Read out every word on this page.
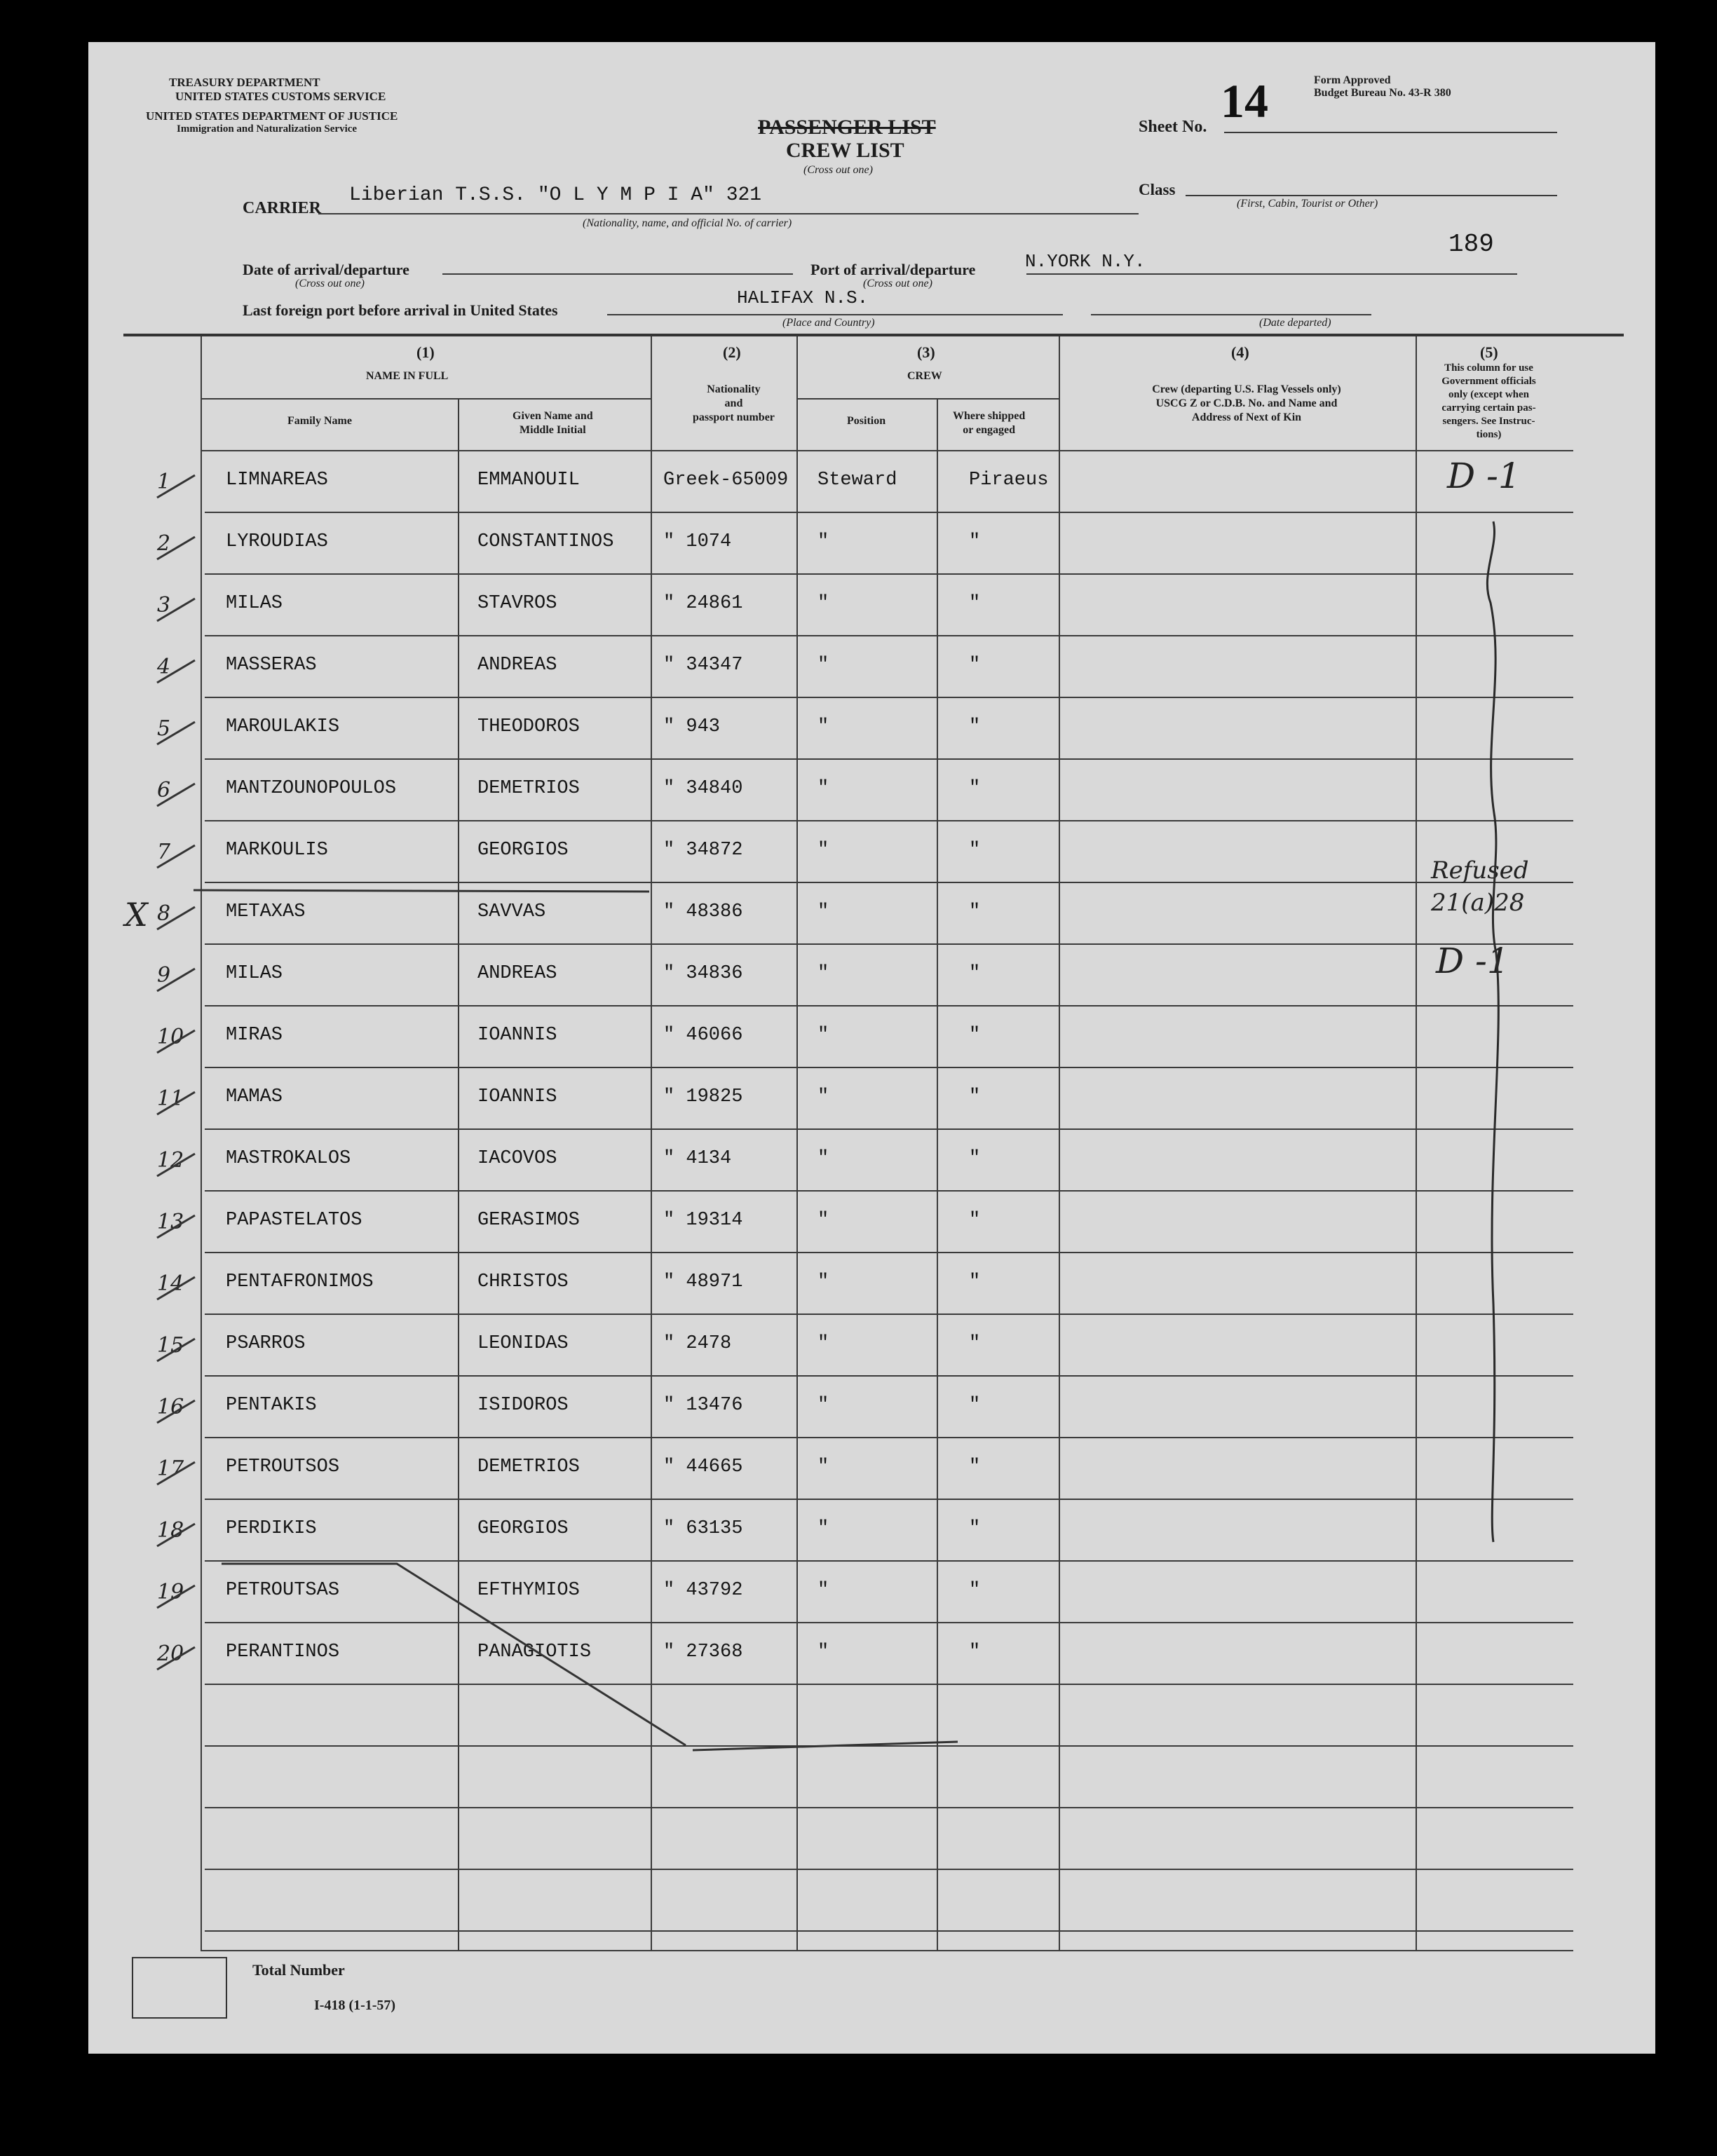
TREASURY DEPARTMENT
UNITED STATES CUSTOMS SERVICE
UNITED STATES DEPARTMENT OF JUSTICE
Immigration and Naturalization Service	PASSENGER LIST
CREW LIST
(Cross out one)
Form Approved
Budget Bureau No. 43-R 380
Sheet No. 14
Class
(First, Cabin, Tourist or Other)
CARRIER
Liberian T.S.S. "O L Y M P I A" 321
(Nationality, name, and official No. of carrier)
189
Date of arrival/departure
(Cross out one)
Port of arrival/departure	N.YORK N.Y.
(Cross out one)
Last foreign port before arrival in United States
HALIFAX N.S.
(Place and Country)	(Date departed)
(1)
NAME IN FULL
Family Name	Given Name and
Middle Initial
(2)
Nationality
and
passport number
(3)
CREW
Position	Where shipped
or engaged
(4)
Crew (departing U.S. Flag Vessels only)
USCG Z or C.D.B. No. and Name and
Address of Next of Kin
(5)
This column for use
Government officials
only (except when
carrying certain pas-
sengers. See Instruc-
tions)

1	LIMNAREAS	EMMANOUIL	Greek-65009 Steward	Piraeus
2	LYROUDIAS	CONSTANTINOS	" 1074	"	"
3	MILAS	STAVROS	" 24861	"	"
4	MASSERAS	ANDREAS	" 34347	"	"
5	MAROULAKIS	THEODOROS	" 943	"	"
6	MANTZOUNOPOULOS	DEMETRIOS	" 34840	"	"
7	MARKOULIS	GEORGIOS	" 34872	"	"
8	METAXAS	SAVVAS	" 48386	"	"
9	MILAS	ANDREAS	" 34836	"	"
10 MIRAS	IOANNIS	" 46066	"	"
11 MAMAS	IOANNIS	" 19825	"	"
12 MASTROKALOS	IACOVOS	" 4134	"	"
13 PAPASTELATOS	GERASIMOS	" 19314	"	"
14 PENTAFRONIMOS	CHRISTOS	" 48971	"	"
15 PSARROS	LEONIDAS	" 2478	"	"
16 PENTAKIS	ISIDOROS	" 13476	"	"
17 PETROUTSOS	DEMETRIOS	" 44665	"	"
18 PERDIKIS	GEORGIOS	" 63135	"	"
19 PETROUTSAS	EFTHYMIOS	" 43792	"	"
20 PERANTINOS	PANAGIOTIS	" 27368	"	"
D -1
Refused
21(a)28
D -1
X
Total Number
I-418 (1-1-57)
